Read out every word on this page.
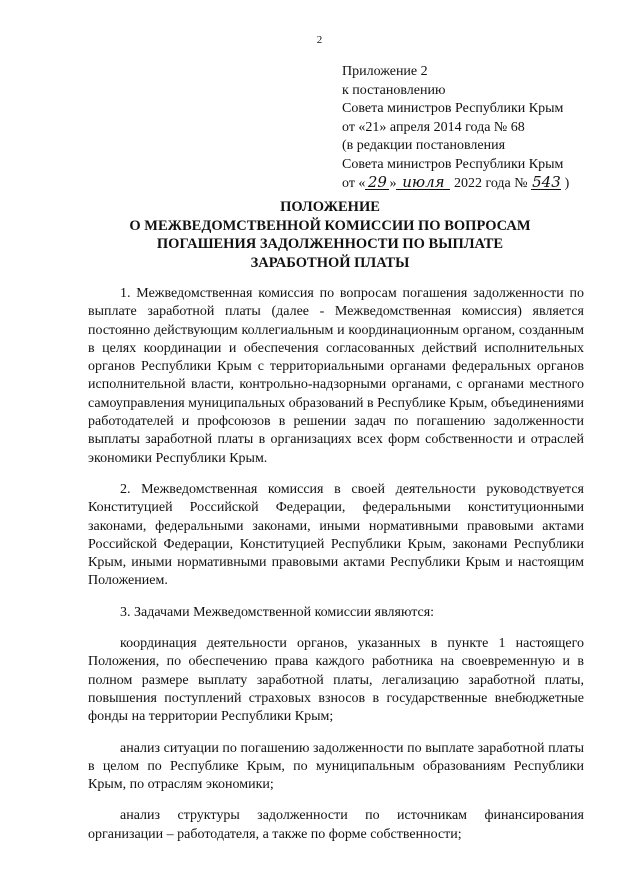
2
Приложение 2
к постановлению
Совета министров Республики Крым
от «21» апреля 2014 года № 68
(в редакции постановления
Совета министров Республики Крым
от « 29 » июля 2022 года № 543 )
ПОЛОЖЕНИЕ
О МЕЖВЕДОМСТВЕННОЙ КОМИССИИ ПО ВОПРОСАМ
ПОГАШЕНИЯ ЗАДОЛЖЕННОСТИ ПО ВЫПЛАТЕ
ЗАРАБОТНОЙ ПЛАТЫ

1. Межведомственная комиссия по вопросам погашения задолженности по выплате заработной платы (далее - Межведомственная комиссия) является постоянно действующим коллегиальным и координационным органом, созданным в целях координации и обеспечения согласованных действий исполнительных органов Республики Крым с территориальными органами федеральных органов исполнительной власти, контрольно-надзорными органами, с органами местного самоуправления муниципальных образований в Республике Крым, объединениями работодателей и профсоюзов в решении задач по погашению задолженности выплаты заработной платы в организациях всех форм собственности и отраслей экономики Республики Крым.

2. Межведомственная комиссия в своей деятельности руководствуется Конституцией Российской Федерации, федеральными конституционными законами, федеральными законами, иными нормативными правовыми актами Российской Федерации, Конституцией Республики Крым, законами Республики Крым, иными нормативными правовыми актами Республики Крым и настоящим Положением.

3. Задачами Межведомственной комиссии являются:

координация деятельности органов, указанных в пункте 1 настоящего Положения, по обеспечению права каждого работника на своевременную и в полном размере выплату заработной платы, легализацию заработной платы, повышения поступлений страховых взносов в государственные внебюджетные фонды на территории Республики Крым;

анализ ситуации по погашению задолженности по выплате заработной платы в целом по Республике Крым, по муниципальным образованиям Республики Крым, по отраслям экономики;

анализ структуры задолженности по источникам финансирования организации – работодателя, а также по форме собственности;
